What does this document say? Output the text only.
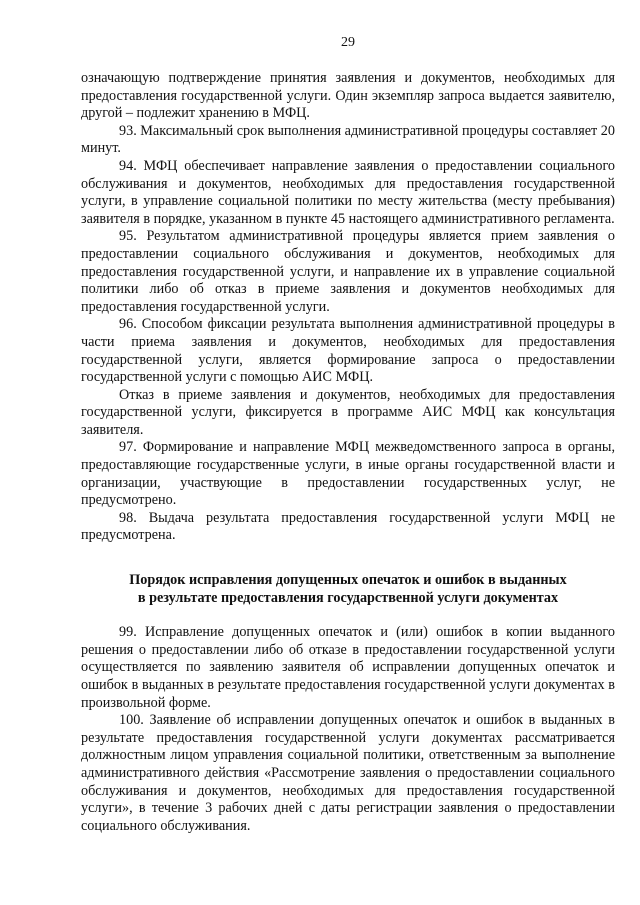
29

означающую подтверждение принятия заявления и документов, необходимых для предоставления государственной услуги. Один экземпляр запроса выдается заявителю, другой – подлежит хранению в МФЦ.

93. Максимальный срок выполнения административной процедуры составляет 20 минут.

94. МФЦ обеспечивает направление заявления о предоставлении социального обслуживания и документов, необходимых для предоставления государственной услуги, в управление социальной политики по месту жительства (месту пребывания) заявителя в порядке, указанном в пункте 45 настоящего административного регламента.

95. Результатом административной процедуры является прием заявления о предоставлении социального обслуживания и документов, необходимых для предоставления государственной услуги, и направление их в управление социальной политики либо об отказ в приеме заявления и документов необходимых для предоставления государственной услуги.

96. Способом фиксации результата выполнения административной процедуры в части приема заявления и документов, необходимых для предоставления государственной услуги, является формирование запроса о предоставлении государственной услуги с помощью АИС МФЦ.

Отказ в приеме заявления и документов, необходимых для предоставления государственной услуги, фиксируется в программе АИС МФЦ как консультация заявителя.

97. Формирование и направление МФЦ межведомственного запроса в органы, предоставляющие государственные услуги, в иные органы государственной власти и организации, участвующие в предоставлении государственных услуг, не предусмотрено.

98. Выдача результата предоставления государственной услуги МФЦ не предусмотрена.

Порядок исправления допущенных опечаток и ошибок в выданных
в результате предоставления государственной услуги документах

99. Исправление допущенных опечаток и (или) ошибок в копии выданного решения о предоставлении либо об отказе в предоставлении государственной услуги осуществляется по заявлению заявителя об исправлении допущенных опечаток и ошибок в выданных в результате предоставления государственной услуги документах в произвольной форме.

100. Заявление об исправлении допущенных опечаток и ошибок в выданных в результате предоставления государственной услуги документах рассматривается должностным лицом управления социальной политики, ответственным за выполнение административного действия «Рассмотрение заявления о предоставлении социального обслуживания и документов, необходимых для предоставления государственной услуги», в течение 3 рабочих дней с даты регистрации заявления о предоставлении социального обслуживания.
